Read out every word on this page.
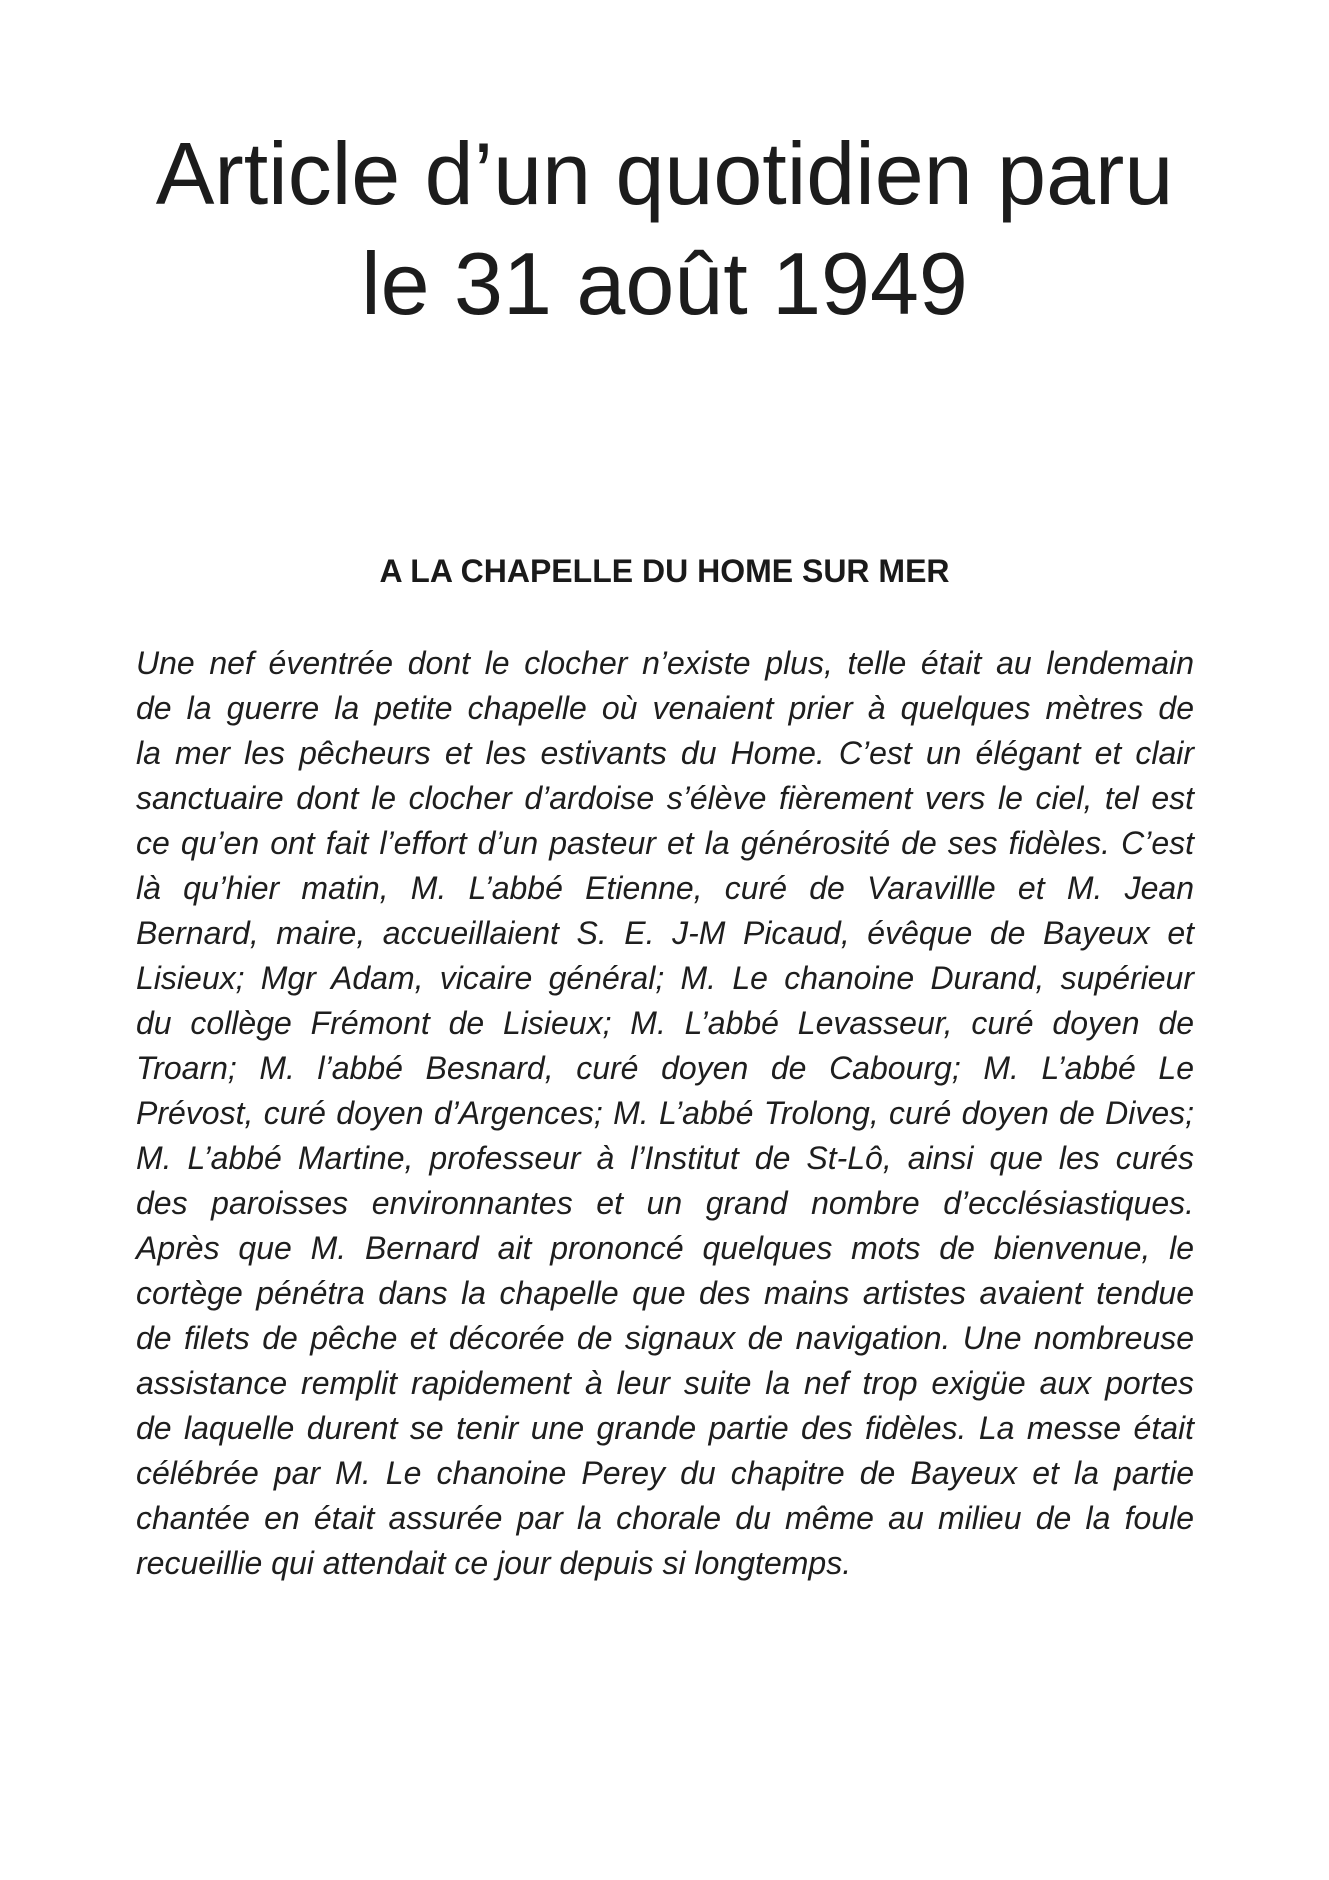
Article d’un quotidien paru
le 31 août 1949
A LA CHAPELLE DU HOME SUR MER
Une nef éventrée dont le clocher n’existe plus, telle était au lendemain
de la guerre la petite chapelle où venaient prier à quelques mètres de
la mer les pêcheurs et les estivants du Home. C’est un élégant et clair
sanctuaire dont le clocher d’ardoise s’élève fièrement vers le ciel, tel est
ce qu’en ont fait l’effort d’un pasteur et la générosité de ses fidèles. C’est
là qu’hier matin, M. L’abbé Etienne, curé de Varavillle et M. Jean
Bernard, maire, accueillaient S. E. J-M Picaud, évêque de Bayeux et
Lisieux; Mgr Adam, vicaire général; M. Le chanoine Durand, supérieur
du collège Frémont de Lisieux; M. L’abbé Levasseur, curé doyen de
Troarn; M. l’abbé Besnard, curé doyen de Cabourg; M. L’abbé Le
Prévost, curé doyen d’Argences; M. L’abbé Trolong, curé doyen de Dives;
M. L’abbé Martine, professeur à l’Institut de St-Lô, ainsi que les curés
des paroisses environnantes et un grand nombre d’ecclésiastiques.
Après que M. Bernard ait prononcé quelques mots de bienvenue, le
cortège pénétra dans la chapelle que des mains artistes avaient tendue
de filets de pêche et décorée de signaux de navigation. Une nombreuse
assistance remplit rapidement à leur suite la nef trop exigüe aux portes
de laquelle durent se tenir une grande partie des fidèles. La messe était
célébrée par M. Le chanoine Perey du chapitre de Bayeux et la partie
chantée en était assurée par la chorale du même au milieu de la foule
recueillie qui attendait ce jour depuis si longtemps.
